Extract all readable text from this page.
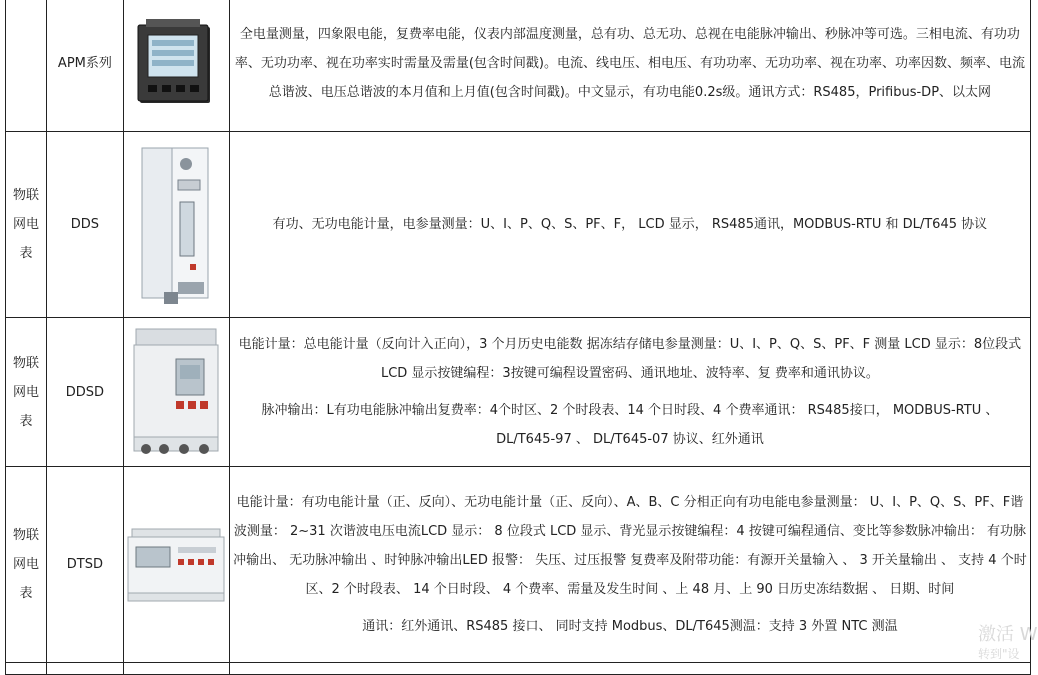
	APM系列		全电量测量，四象限电能，复费率电能，仪表内部温度测量，总有功、总无功、总视在电能脉冲输出、秒脉冲等可选。三相电流、有功功率、无功功率、视在功率实时需量及需量(包含时间戳)。电流、线电压、相电压、有功功率、无功功率、视在功率、功率因数、频率、电流总谐波、电压总谐波的本月值和上月值(包含时间戳)。中文显示，有功电能0.2s级。通讯方式：RS485，Prifibus-DP、以太网

物联网电表	DDS		有功、无功电能计量，电参量测量：U、I、P、Q、S、PF、F， LCD 显示， RS485通讯，MODBUS-RTU 和 DL/T645 协议

物联网电表	DDSD		电能计量：总电能计量（反向计入正向），3 个月历史电能数 据冻结存储电参量测量：U、I、P、Q、S、PF、F 测量 LCD 显示：8位段式 LCD 显示按键编程：3按键可编程设置密码、通讯地址、波特率、复 费率和通讯协议。

脉冲输出：L有功电能脉冲输出复费率：4个时区、2 个时段表、14 个日时段、4 个费率通讯： RS485接口， MODBUS-RTU 、 DL/T645-97 、 DL/T645-07 协议、红外通讯

物联网电表	DTSD		电能计量：有功电能计量（正、反向）、无功电能计量（正、反向）、A、B、C 分相正向有功电能电参量测量： U、I、P、Q、S、PF、F谐波测量： 2~31 次谐波电压电流LCD 显示： 8 位段式 LCD 显示、背光显示按键编程：4 按键可编程通信、变比等参数脉冲输出： 有功脉冲输出、 无功脉冲输出 、时钟脉冲输出LED 报警： 失压、过压报警 复费率及附带功能：有源开关量输入 、 3 开关量输出 、 支持 4 个时区、2 个时段表、 14 个日时段、 4 个费率、需量及发生时间 、上 48 月、上 90 日历史冻结数据 、 日期、时间

通讯：红外通讯、RS485 接口、 同时支持 Modbus、DL/T645测温：支持 3 外置 NTC 测温

				激活 W
转到"设
